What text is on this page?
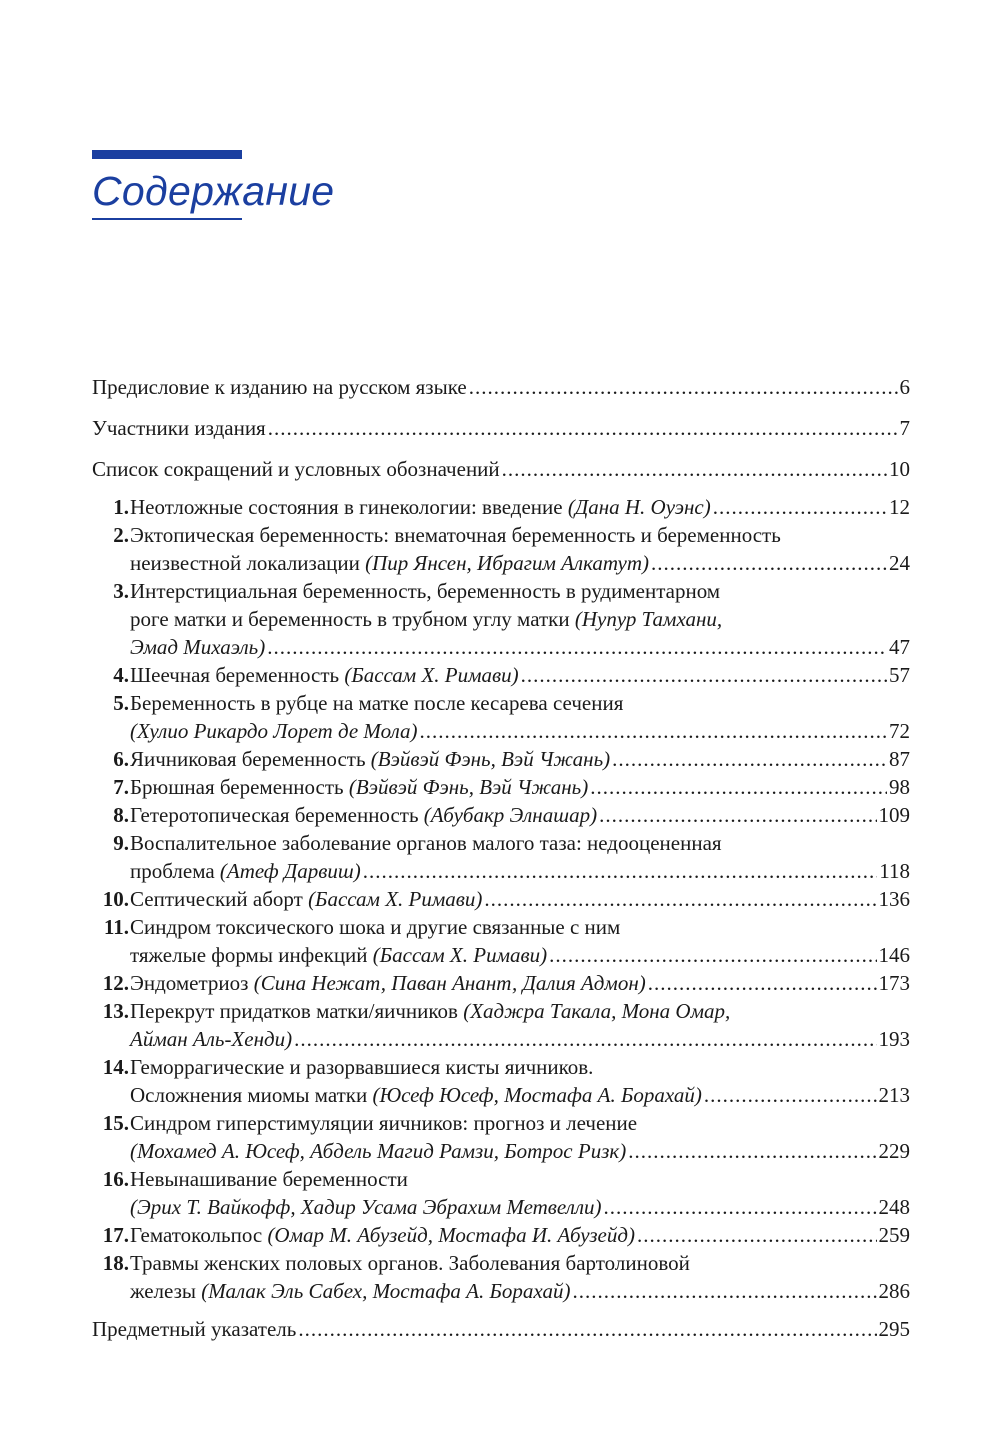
Содержание
Предисловие к изданию на русском языке .....	6
Участники издания .....	7
Список сокращений и условных обозначений .....	10
1. Неотложные состояния в гинекологии: введение (Дана Н. Оуэнс) .....	12
2. Эктопическая беременность: внематочная беременность и беременность
неизвестной локализации (Пир Янсен, Ибрагим Алкатут) .....	24
3. Интерстициальная беременность, беременность в рудиментарном
роге матки и беременность в трубном углу матки (Нупур Тамхани,
Эмад Михаэль) .....	47
4. Шеечная беременность (Бассам Х. Римави) .....	57
5. Беременность в рубце на матке после кесарева сечения
(Хулио Рикардо Лорет де Мола) .....	72
6. Яичниковая беременность (Вэйвэй Фэнь, Вэй Чжань) .....	87
7. Брюшная беременность (Вэйвэй Фэнь, Вэй Чжань) .....	98
8. Гетеротопическая беременность (Абубакр Элнашар) .....	109
9. Воспалительное заболевание органов малого таза: недооцененная
проблема (Атеф Дарвиш) .....	118
10. Септический аборт (Бассам Х. Римави) .....	136
11. Синдром токсического шока и другие связанные с ним
тяжелые формы инфекций (Бассам Х. Римави) .....	146
12. Эндометриоз (Сина Нежат, Паван Анант, Далия Адмон) .....	173
13. Перекрут придатков матки/яичников (Хаджра Такала, Мона Омар,
Айман Аль-Хенди) .....	193
14. Геморрагические и разорвавшиеся кисты яичников.
Осложнения миомы матки (Юсеф Юсеф, Мостафа А. Борахай) .....	213
15. Синдром гиперстимуляции яичников: прогноз и лечение
(Мохамед А. Юсеф, Абдель Магид Рамзи, Ботрос Ризк) .....	229
16. Невынашивание беременности
(Эрих Т. Вайкофф, Хадир Усама Эбрахим Метвелли) .....	248
17. Гематокольпос (Омар М. Абузейд, Мостафа И. Абузейд) .....	259
18. Травмы женских половых органов. Заболевания бартолиновой
железы (Малак Эль Сабех, Мостафа А. Борахай) .....	286
Предметный указатель .....	295
